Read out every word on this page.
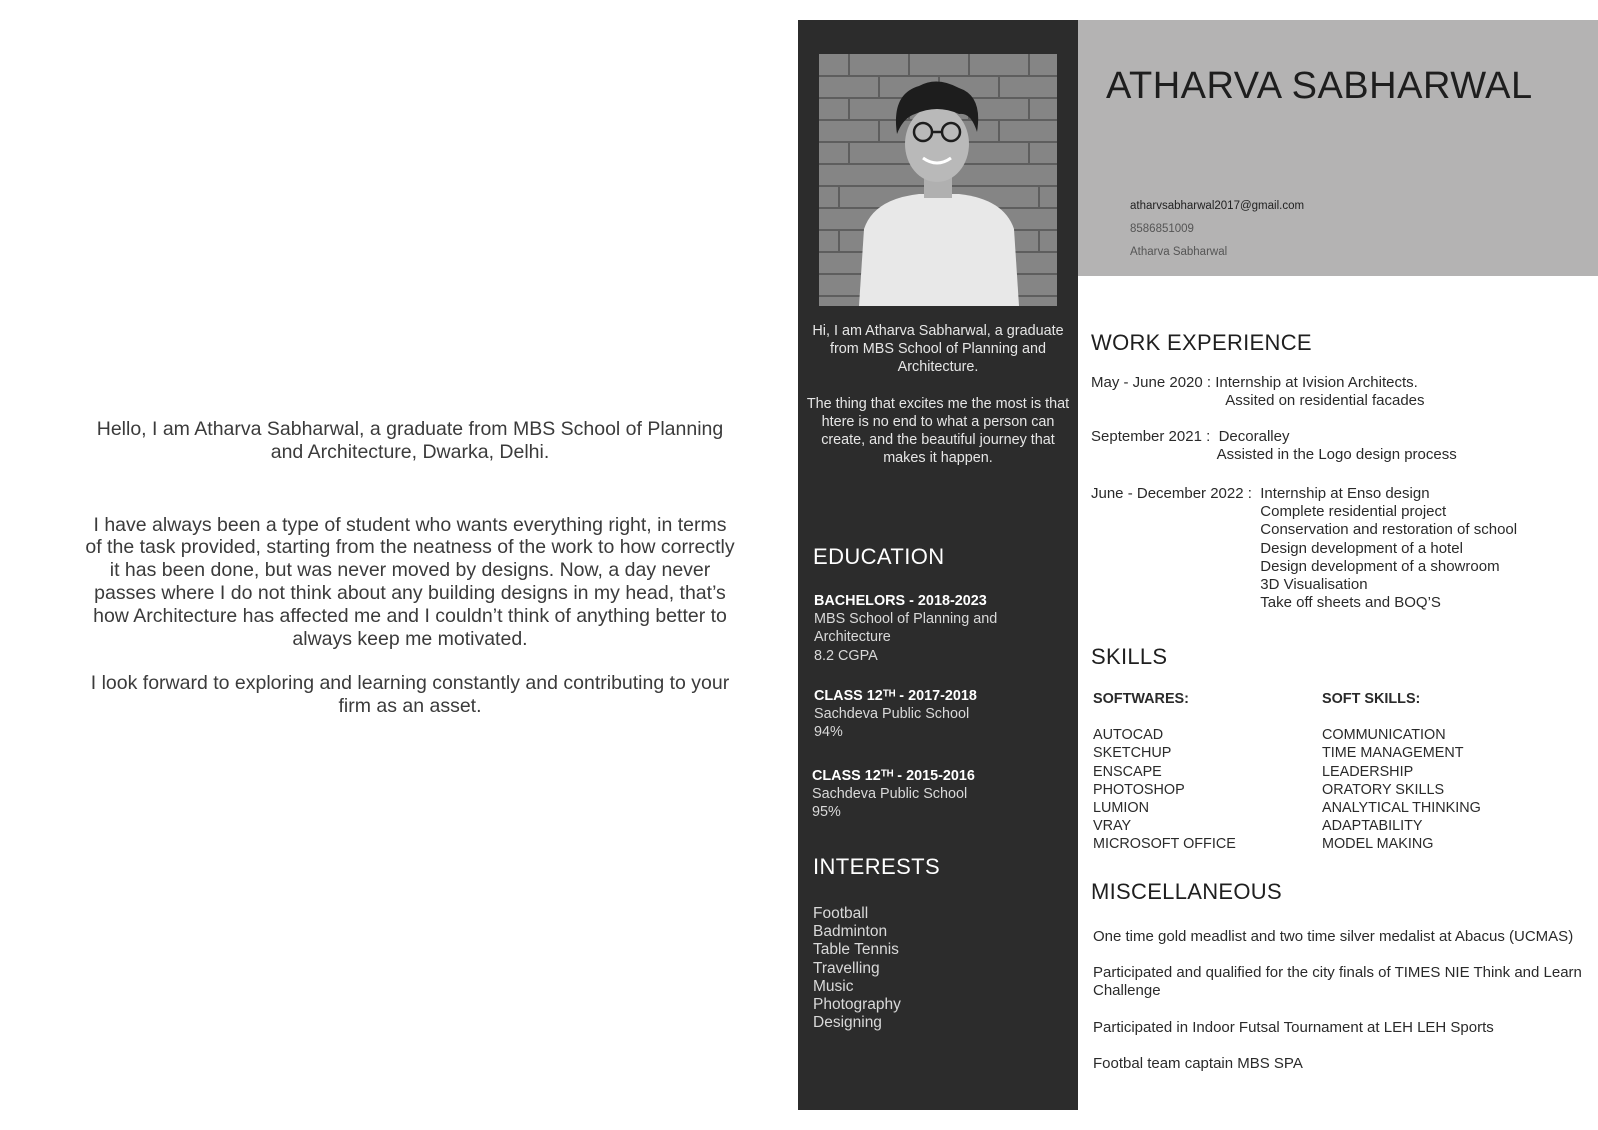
Hello, I am Atharva Sabharwal, a graduate from MBS School of Planning and Architecture, Dwarka, Delhi.

I have always been a type of student who wants everything right, in terms of the task provided, starting from the neatness of the work to how correctly it has been done, but was never moved by designs. Now, a day never passes where I do not think about any building designs in my head, that’s how Architecture has affected me and I couldn’t think of anything better to always keep me motivated.

I look forward to exploring and learning constantly and contributing to your firm as an asset.

Hi, I am Atharva Sabharwal, a graduate from MBS School of Planning and Architecture.

The thing that excites me the most is that htere is no end to what a person can create, and the beautiful journey that makes it happen.

EDUCATION
BACHELORS - 2018-2023
MBS School of Planning and Architecture
8.2 CGPA
CLASS 12ᵀᴴ - 2017-2018
Sachdeva Public School
94%
CLASS 12ᵀᴴ - 2015-2016
Sachdeva Public School
95%
INTERESTS
Football
Badminton
Table Tennis
Travelling
Music
Photography
Designing
ATHARVA SABHARWAL
atharvsabharwal2017@gmail.com
8586851009
Atharva Sabharwal
WORK EXPERIENCE
May - June 2020 : Internship at Ivision Architects.
Assited on residential facades
September 2021 : Decoralley
Assisted in the Logo design process
June - December 2022 : Internship at Enso design
Complete residential project
Conservation and restoration of school
Design development of a hotel
Design development of a showroom
3D Visualisation
Take off sheets and BOQ’S
SKILLS
SOFTWARES:
AUTOCAD
SKETCHUP
ENSCAPE
PHOTOSHOP
LUMION
VRAY
MICROSOFT OFFICE
SOFT SKILLS:
COMMUNICATION
TIME MANAGEMENT
LEADERSHIP
ORATORY SKILLS
ANALYTICAL THINKING
ADAPTABILITY
MODEL MAKING
MISCELLANEOUS

One time gold meadlist and two time silver medalist at Abacus (UCMAS)

Participated and qualified for the city finals of TIMES NIE Think and Learn Challenge

Participated in Indoor Futsal Tournament at LEH LEH Sports

Footbal team captain MBS SPA
